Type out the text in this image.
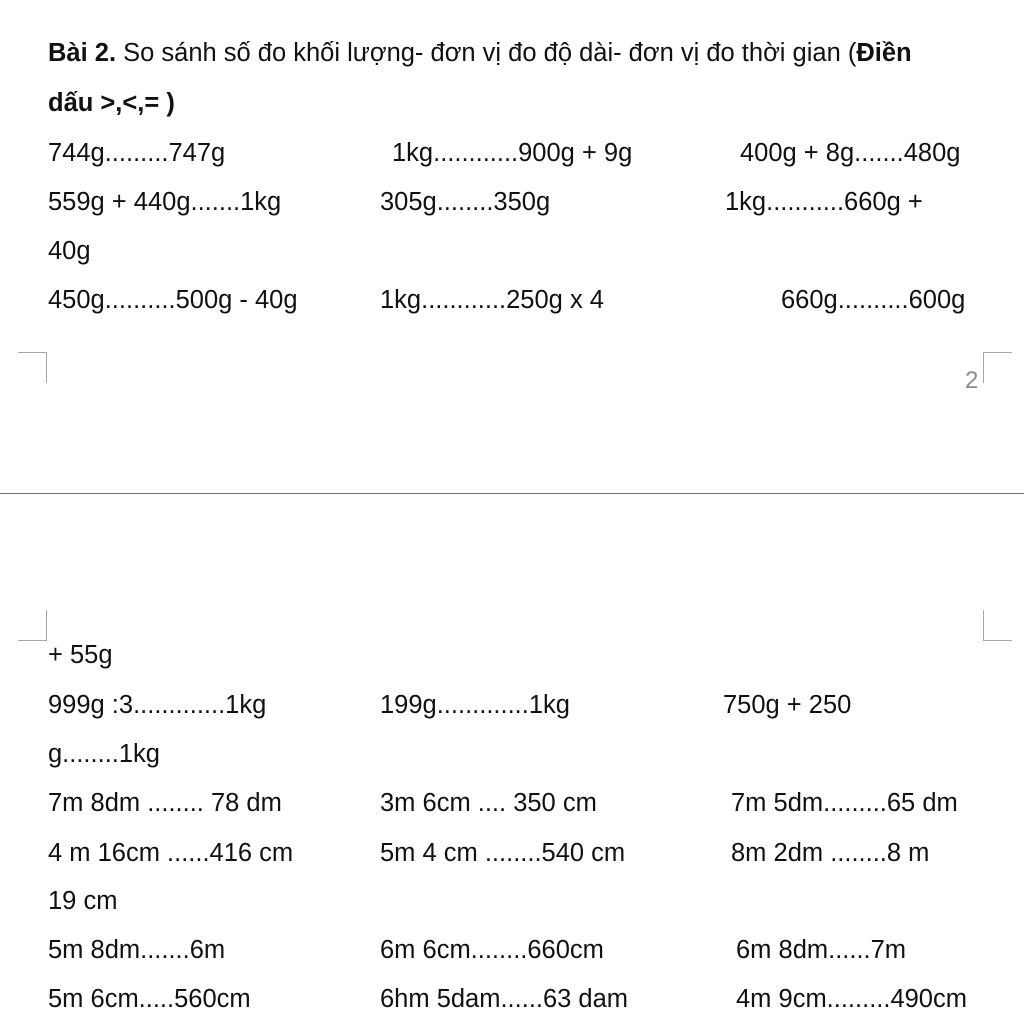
Bài 2. So sánh số đo khối lượng- đơn vị đo độ dài- đơn vị đo thời gian (Điền
dấu >,<,= )
744g.........747g	1kg............900g + 9g	400g + 8g.......480g
559g + 440g.......1kg	305g........350g	1kg...........660g +
40g
450g..........500g - 40g	1kg............250g x 4	660g..........600g
2
+ 55g
999g :3.............1kg	199g.............1kg	750g + 250
g........1kg
7m 8dm ........ 78 dm	3m 6cm .... 350 cm	7m 5dm.........65 dm
4 m 16cm ......416 cm	5m 4 cm ........540 cm	8m 2dm ........8 m
19 cm
5m 8dm.......6m	6m 6cm........660cm	6m 8dm......7m
5m 6cm.....560cm	6hm 5dam......63 dam	4m 9cm.........490cm
